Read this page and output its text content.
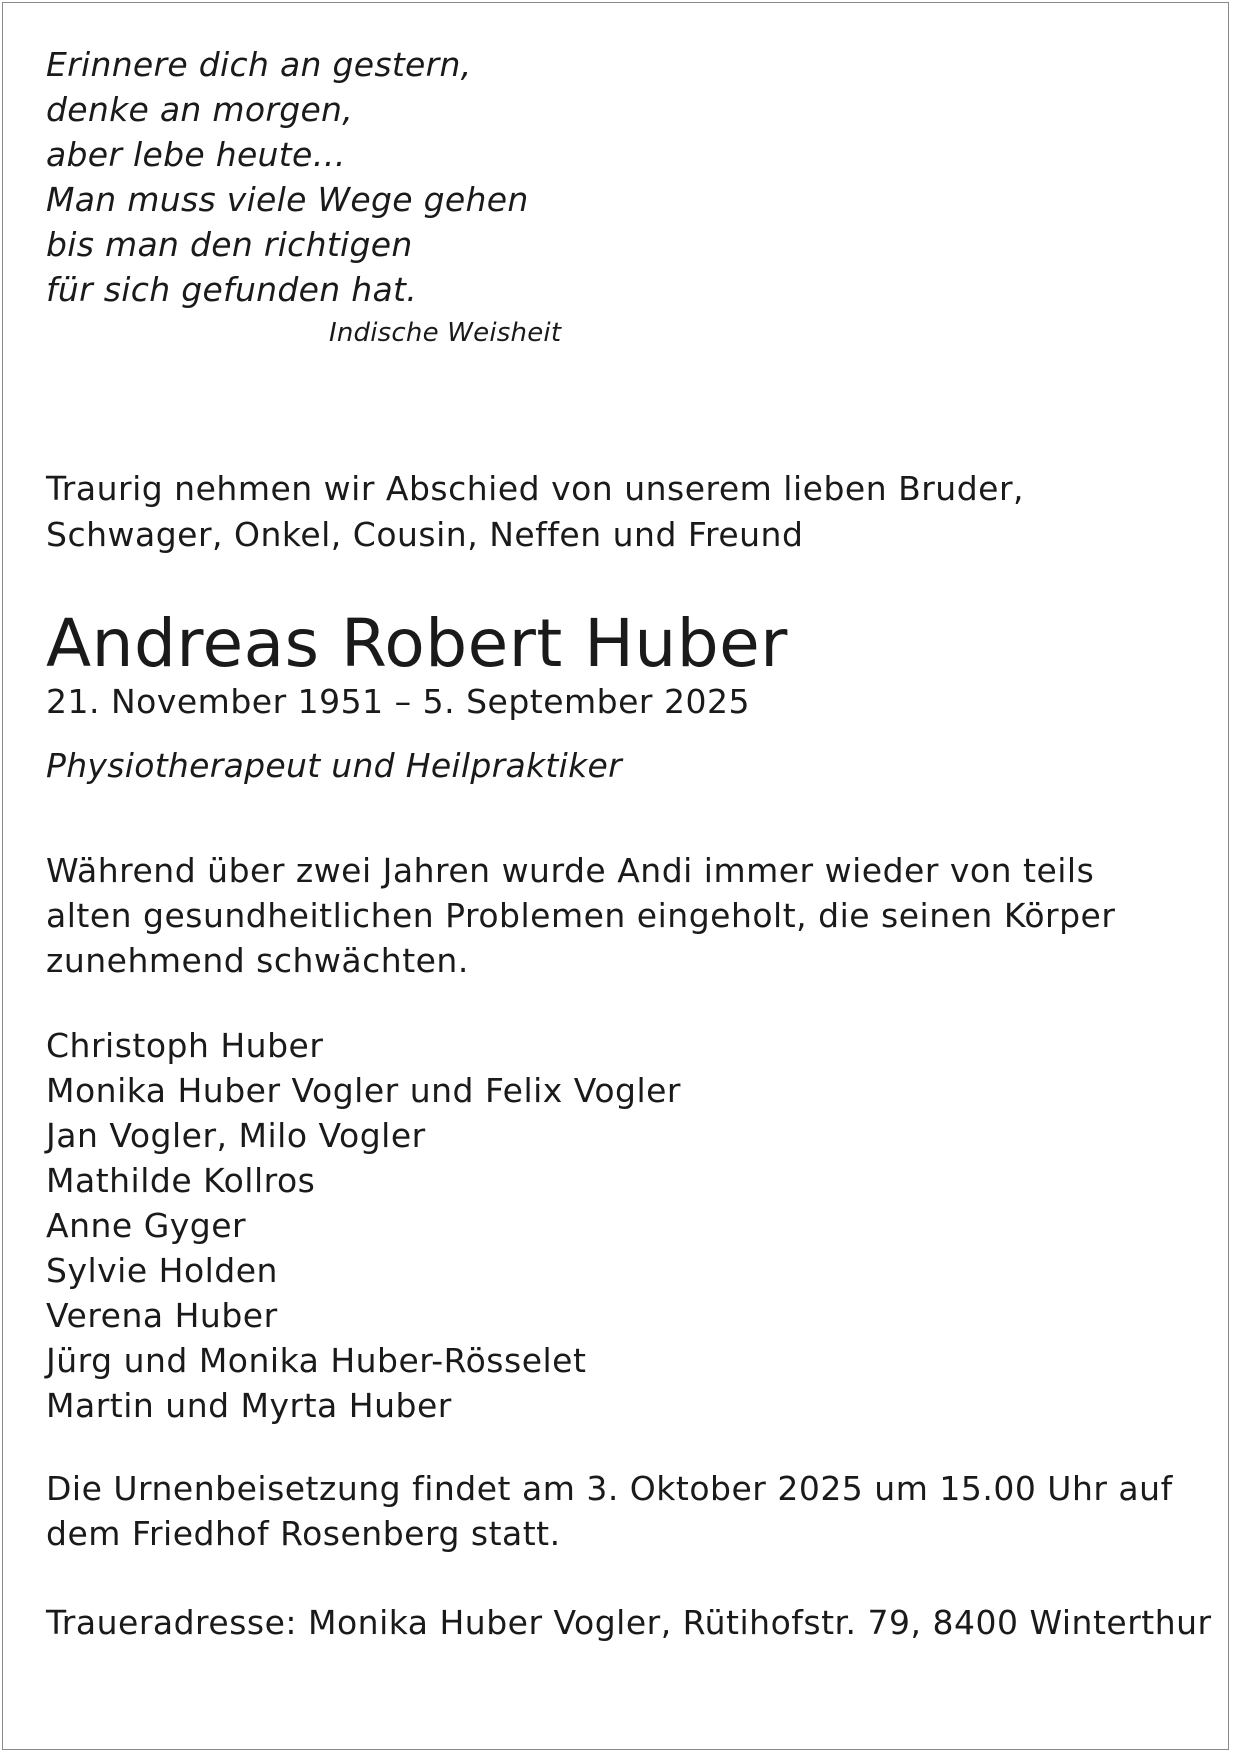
Erinnere dich an gestern,
denke an morgen,
aber lebe heute…
Man muss viele Wege gehen
bis man den richtigen
für sich gefunden hat.
Indische Weisheit
Traurig nehmen wir Abschied von unserem lieben Bruder,
Schwager, Onkel, Cousin, Neffen und Freund
Andreas Robert Huber
21. November 1951 – 5. September 2025
Physiotherapeut und Heilpraktiker
Während über zwei Jahren wurde Andi immer wieder von teils
alten gesundheitlichen Problemen eingeholt, die seinen Körper
zunehmend schwächten.
Christoph Huber
Monika Huber Vogler und Felix Vogler
Jan Vogler, Milo Vogler
Mathilde Kollros
Anne Gyger
Sylvie Holden
Verena Huber
Jürg und Monika Huber-Rösselet
Martin und Myrta Huber
Die Urnenbeisetzung findet am 3. Oktober 2025 um 15.00 Uhr auf
dem Friedhof Rosenberg statt.
Traueradresse: Monika Huber Vogler, Rütihofstr. 79, 8400 Winterthur
